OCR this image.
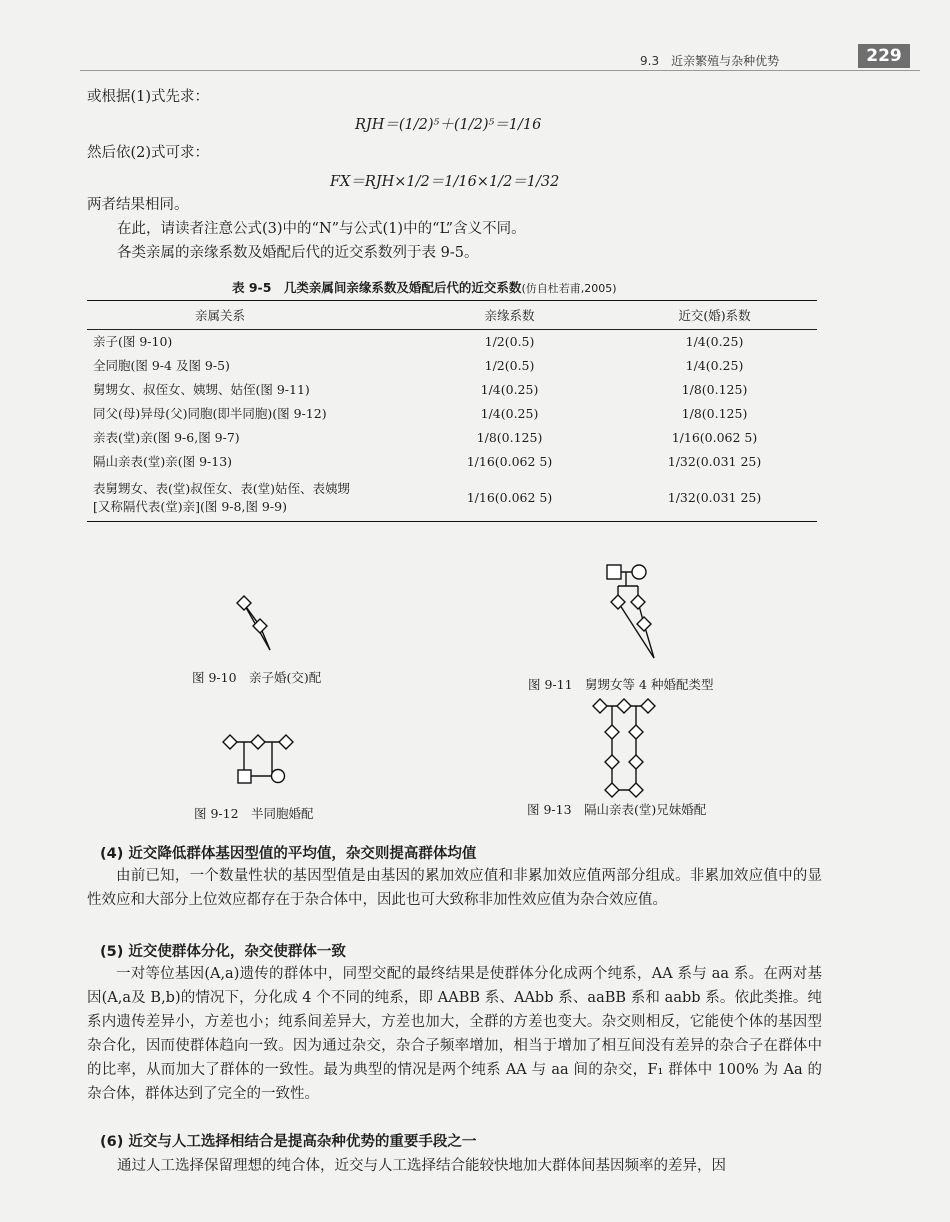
9.3　近亲繁殖与杂种优势	229
或根据(1)式先求：
RJH＝(1/2)⁵＋(1/2)⁵＝1/16
然后依(2)式可求：
FX＝RJH×1/2＝1/16×1/2＝1/32
两者结果相同。
在此，请读者注意公式(3)中的“N”与公式(1)中的“L”含义不同。
各类亲属的亲缘系数及婚配后代的近交系数列于表 9-5。
表 9-5　几类亲属间亲缘系数及婚配后代的近交系数(仿自杜若甫,2005)
亲属关系	亲缘系数	近交(婚)系数
亲子(图 9-10)	1/2(0.5)	1/4(0.25)
全同胞(图 9-4 及图 9-5)	1/2(0.5)	1/4(0.25)
舅甥女、叔侄女、姨甥、姑侄(图 9-11)	1/4(0.25)	1/8(0.125)
同父(母)异母(父)同胞(即半同胞)(图 9-12)	1/4(0.25)	1/8(0.125)
亲表(堂)亲(图 9-6,图 9-7)	1/8(0.125)	1/16(0.062 5)
隔山亲表(堂)亲(图 9-13)	1/16(0.062 5)	1/32(0.031 25)

表舅甥女、表(堂)叔侄女、表(堂)姑侄、表姨甥
[又称隔代表(堂)亲](图 9-8,图 9-9)	1/16(0.062 5)	1/32(0.031 25)
图 9-10　亲子婚(交)配	图 9-11　舅甥女等 4 种婚配类型
图 9-12　半同胞婚配	图 9-13　隔山亲表(堂)兄妹婚配
(4) 近交降低群体基因型值的平均值，杂交则提高群体均值
由前已知，一个数量性状的基因型值是由基因的累加效应值和非累加效应值两部分组成。非累加效应值中的显性效应和大部分上位效应都存在于杂合体中，因此也可大致称非加性效应值为杂合效应值。
(5) 近交使群体分化，杂交使群体一致
一对等位基因(A,a)遗传的群体中，同型交配的最终结果是使群体分化成两个纯系，AA 系与 aa 系。在两对基因(A,a及 B,b)的情况下，分化成 4 个不同的纯系，即 AABB 系、AAbb 系、aaBB 系和 aabb 系。依此类推。纯系内遗传差异小，方差也小；纯系间差异大，方差也加大，全群的方差也变大。杂交则相反，它能使个体的基因型杂合化，因而使群体趋向一致。因为通过杂交，杂合子频率增加，相当于增加了相互间没有差异的杂合子在群体中的比率，从而加大了群体的一致性。最为典型的情况是两个纯系 AA 与 aa 间的杂交，F₁ 群体中 100% 为 Aa 的杂合体，群体达到了完全的一致性。
(6) 近交与人工选择相结合是提高杂种优势的重要手段之一
通过人工选择保留理想的纯合体，近交与人工选择结合能较快地加大群体间基因频率的差异，因
